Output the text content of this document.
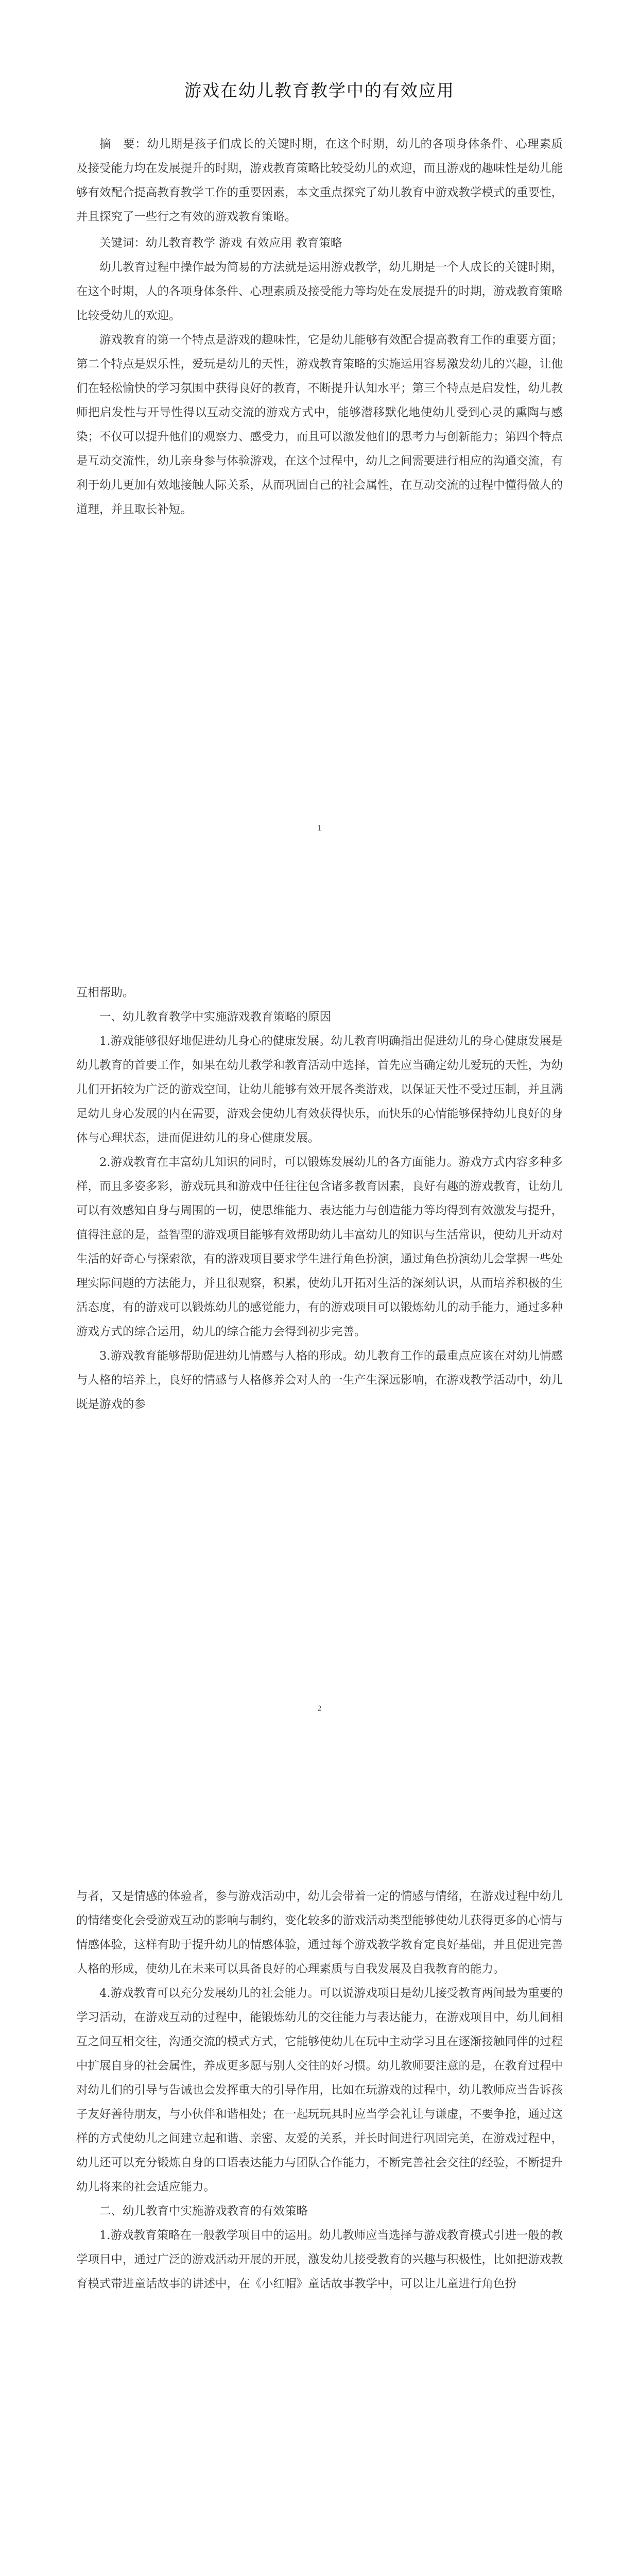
游戏在幼儿教育教学中的有效应用

摘　要：幼儿期是孩子们成长的关键时期，在这个时期，幼儿的各项身体条件、心理素质及接受能力均在发展提升的时期，游戏教育策略比较受幼儿的欢迎，而且游戏的趣味性是幼儿能够有效配合提高教育教学工作的重要因素，本文重点探究了幼儿教育中游戏教学模式的重要性，并且探究了一些行之有效的游戏教育策略。

关键词：幼儿教育教学 游戏 有效应用 教育策略

幼儿教育过程中操作最为简易的方法就是运用游戏教学，幼儿期是一个人成长的关键时期，在这个时期，人的各项身体条件、心理素质及接受能力等均处在发展提升的时期，游戏教育策略比较受幼儿的欢迎。

游戏教育的第一个特点是游戏的趣味性，它是幼儿能够有效配合提高教育工作的重要方面；第二个特点是娱乐性，爱玩是幼儿的天性，游戏教育策略的实施运用容易激发幼儿的兴趣，让他们在轻松愉快的学习氛围中获得良好的教育，不断提升认知水平；第三个特点是启发性，幼儿教师把启发性与开导性得以互动交流的游戏方式中，能够潜移默化地使幼儿受到心灵的熏陶与感染；不仅可以提升他们的观察力、感受力，而且可以激发他们的思考力与创新能力；第四个特点是互动交流性，幼儿亲身参与体验游戏，在这个过程中，幼儿之间需要进行相应的沟通交流，有利于幼儿更加有效地接触人际关系，从而巩固自己的社会属性，在互动交流的过程中懂得做人的道理，并且取长补短。

1

互相帮助。

一、幼儿教育教学中实施游戏教育策略的原因

1.游戏能够很好地促进幼儿身心的健康发展。幼儿教育明确指出促进幼儿的身心健康发展是幼儿教育的首要工作，如果在幼儿教学和教育活动中选择，首先应当确定幼儿爱玩的天性，为幼儿们开拓较为广泛的游戏空间，让幼儿能够有效开展各类游戏，以保证天性不受过压制，并且满足幼儿身心发展的内在需要，游戏会使幼儿有效获得快乐，而快乐的心情能够保持幼儿良好的身体与心理状态，进而促进幼儿的身心健康发展。

2.游戏教育在丰富幼儿知识的同时，可以锻炼发展幼儿的各方面能力。游戏方式内容多种多样，而且多姿多彩，游戏玩具和游戏中任往往包含诸多教育因素，良好有趣的游戏教育，让幼儿可以有效感知自身与周围的一切，使思维能力、表达能力与创造能力等均得到有效激发与提升，值得注意的是，益智型的游戏项目能够有效帮助幼儿丰富幼儿的知识与生活常识，使幼儿开动对生活的好奇心与探索欲，有的游戏项目要求学生进行角色扮演，通过角色扮演幼儿会掌握一些处理实际问题的方法能力，并且很观察，积累，使幼儿开拓对生活的深刻认识，从而培养积极的生活态度，有的游戏可以锻炼幼儿的感觉能力，有的游戏项目可以锻炼幼儿的动手能力，通过多种游戏方式的综合运用，幼儿的综合能力会得到初步完善。

3.游戏教育能够帮助促进幼儿情感与人格的形成。幼儿教育工作的最重点应该在对幼儿情感与人格的培养上，良好的情感与人格修养会对人的一生产生深远影响，在游戏教学活动中，幼儿既是游戏的参

2

与者，又是情感的体验者，参与游戏活动中，幼儿会带着一定的情感与情绪，在游戏过程中幼儿的情绪变化会受游戏互动的影响与制约，变化较多的游戏活动类型能够使幼儿获得更多的心情与情感体验，这样有助于提升幼儿的情感体验，通过每个游戏教学教育定良好基础，并且促进完善人格的形成，使幼儿在未来可以具备良好的心理素质与自我发展及自我教育的能力。

4.游戏教育可以充分发展幼儿的社会能力。可以说游戏项目是幼儿接受教育两间最为重要的学习活动，在游戏互动的过程中，能锻炼幼儿的交往能力与表达能力，在游戏项目中，幼儿间相互之间互相交往，沟通交流的模式方式，它能够使幼儿在玩中主动学习且在逐渐接触同伴的过程中扩展自身的社会属性，养成更多愿与别人交往的好习惯。幼儿教师要注意的是，在教育过程中对幼儿们的引导与告诫也会发挥重大的引导作用，比如在玩游戏的过程中，幼儿教师应当告诉孩子友好善待朋友，与小伙伴和谐相处；在一起玩玩具时应当学会礼让与谦虚，不要争抢，通过这样的方式使幼儿之间建立起和谐、亲密、友爱的关系，并长时间进行巩固完美，在游戏过程中，幼儿还可以充分锻炼自身的口语表达能力与团队合作能力，不断完善社会交往的经验，不断提升幼儿将来的社会适应能力。

二、幼儿教育中实施游戏教育的有效策略

1.游戏教育策略在一般教学项目中的运用。幼儿教师应当选择与游戏教育模式引进一般的教学项目中，通过广泛的游戏活动开展的开展，激发幼儿接受教育的兴趣与积极性，比如把游戏教育模式带进童话故事的讲述中，在《小红帽》童话故事教学中，可以让儿童进行角色扮
